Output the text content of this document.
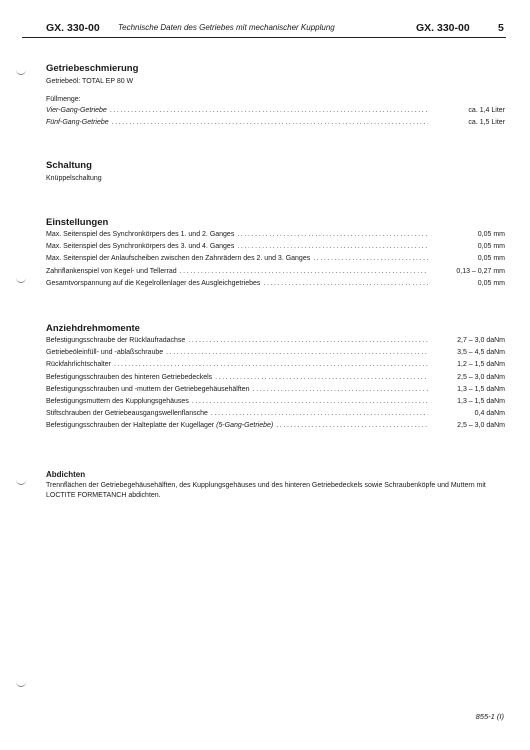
GX. 330-00 Technische Daten des Getriebes mit mechanischer Kupplung	GX. 330-00	5
Getriebeschmierung
Getriebeöl: TOTAL EP 80 W
Füllmenge:
Vier-Gang-Getriebe .....	ca. 1,4 Liter
Fünf-Gang-Getriebe .....	ca. 1,5 Liter
Schaltung
Knüppelschaltung
Einstellungen
Max. Seitenspiel des Synchronkörpers des 1. und 2. Ganges .....	0,05 mm
Max. Seitenspiel des Synchronkörpers des 3. und 4. Ganges .....	0,05 mm
Max. Seitenspiel der Anlaufscheiben zwischen den Zahnrädern des 2. und 3. Ganges .....	0,05 mm
Zahnflankenspiel von Kegel- und Tellerrad .....	0,13 – 0,27 mm
Gesamtvorspannung auf die Kegelrollenlager des Ausgleichgetriebes .....	0,05 mm
Anziehdrehmomente
Befestigungsschraube der Rücklaufradachse .....	2,7 – 3,0 daNm
Getriebeöleinfüll- und -ablaßschraube .....	3,5 – 4,5 daNm
Rückfahrlichtschalter .....	1,2 – 1,5 daNm
Befestigungsschrauben des hinteren Getriebedeckels .....	2,5 – 3,0 daNm
Befestigungsschrauben und -muttern der Getriebegehäusehälften .....	1,3 – 1,5 daNm
Befestigungsmuttern des Kupplungsgehäuses .....	1,3 – 1,5 daNm
Stiftschrauben der Getriebeausgangswellenflansche .....	0,4 daNm
Befestigungsschrauben der Halteplatte der Kugellager (5-Gang-Getriebe) .....	2,5 – 3,0 daNm
Abdichten
Trennflächen der Getriebegehäusehälften, des Kupplungsgehäuses und des hinteren Getriebedeckels sowie Schraubenköpfe und Muttern mit LOCTITE FORMETANCH abdichten.
855-1 (I)
